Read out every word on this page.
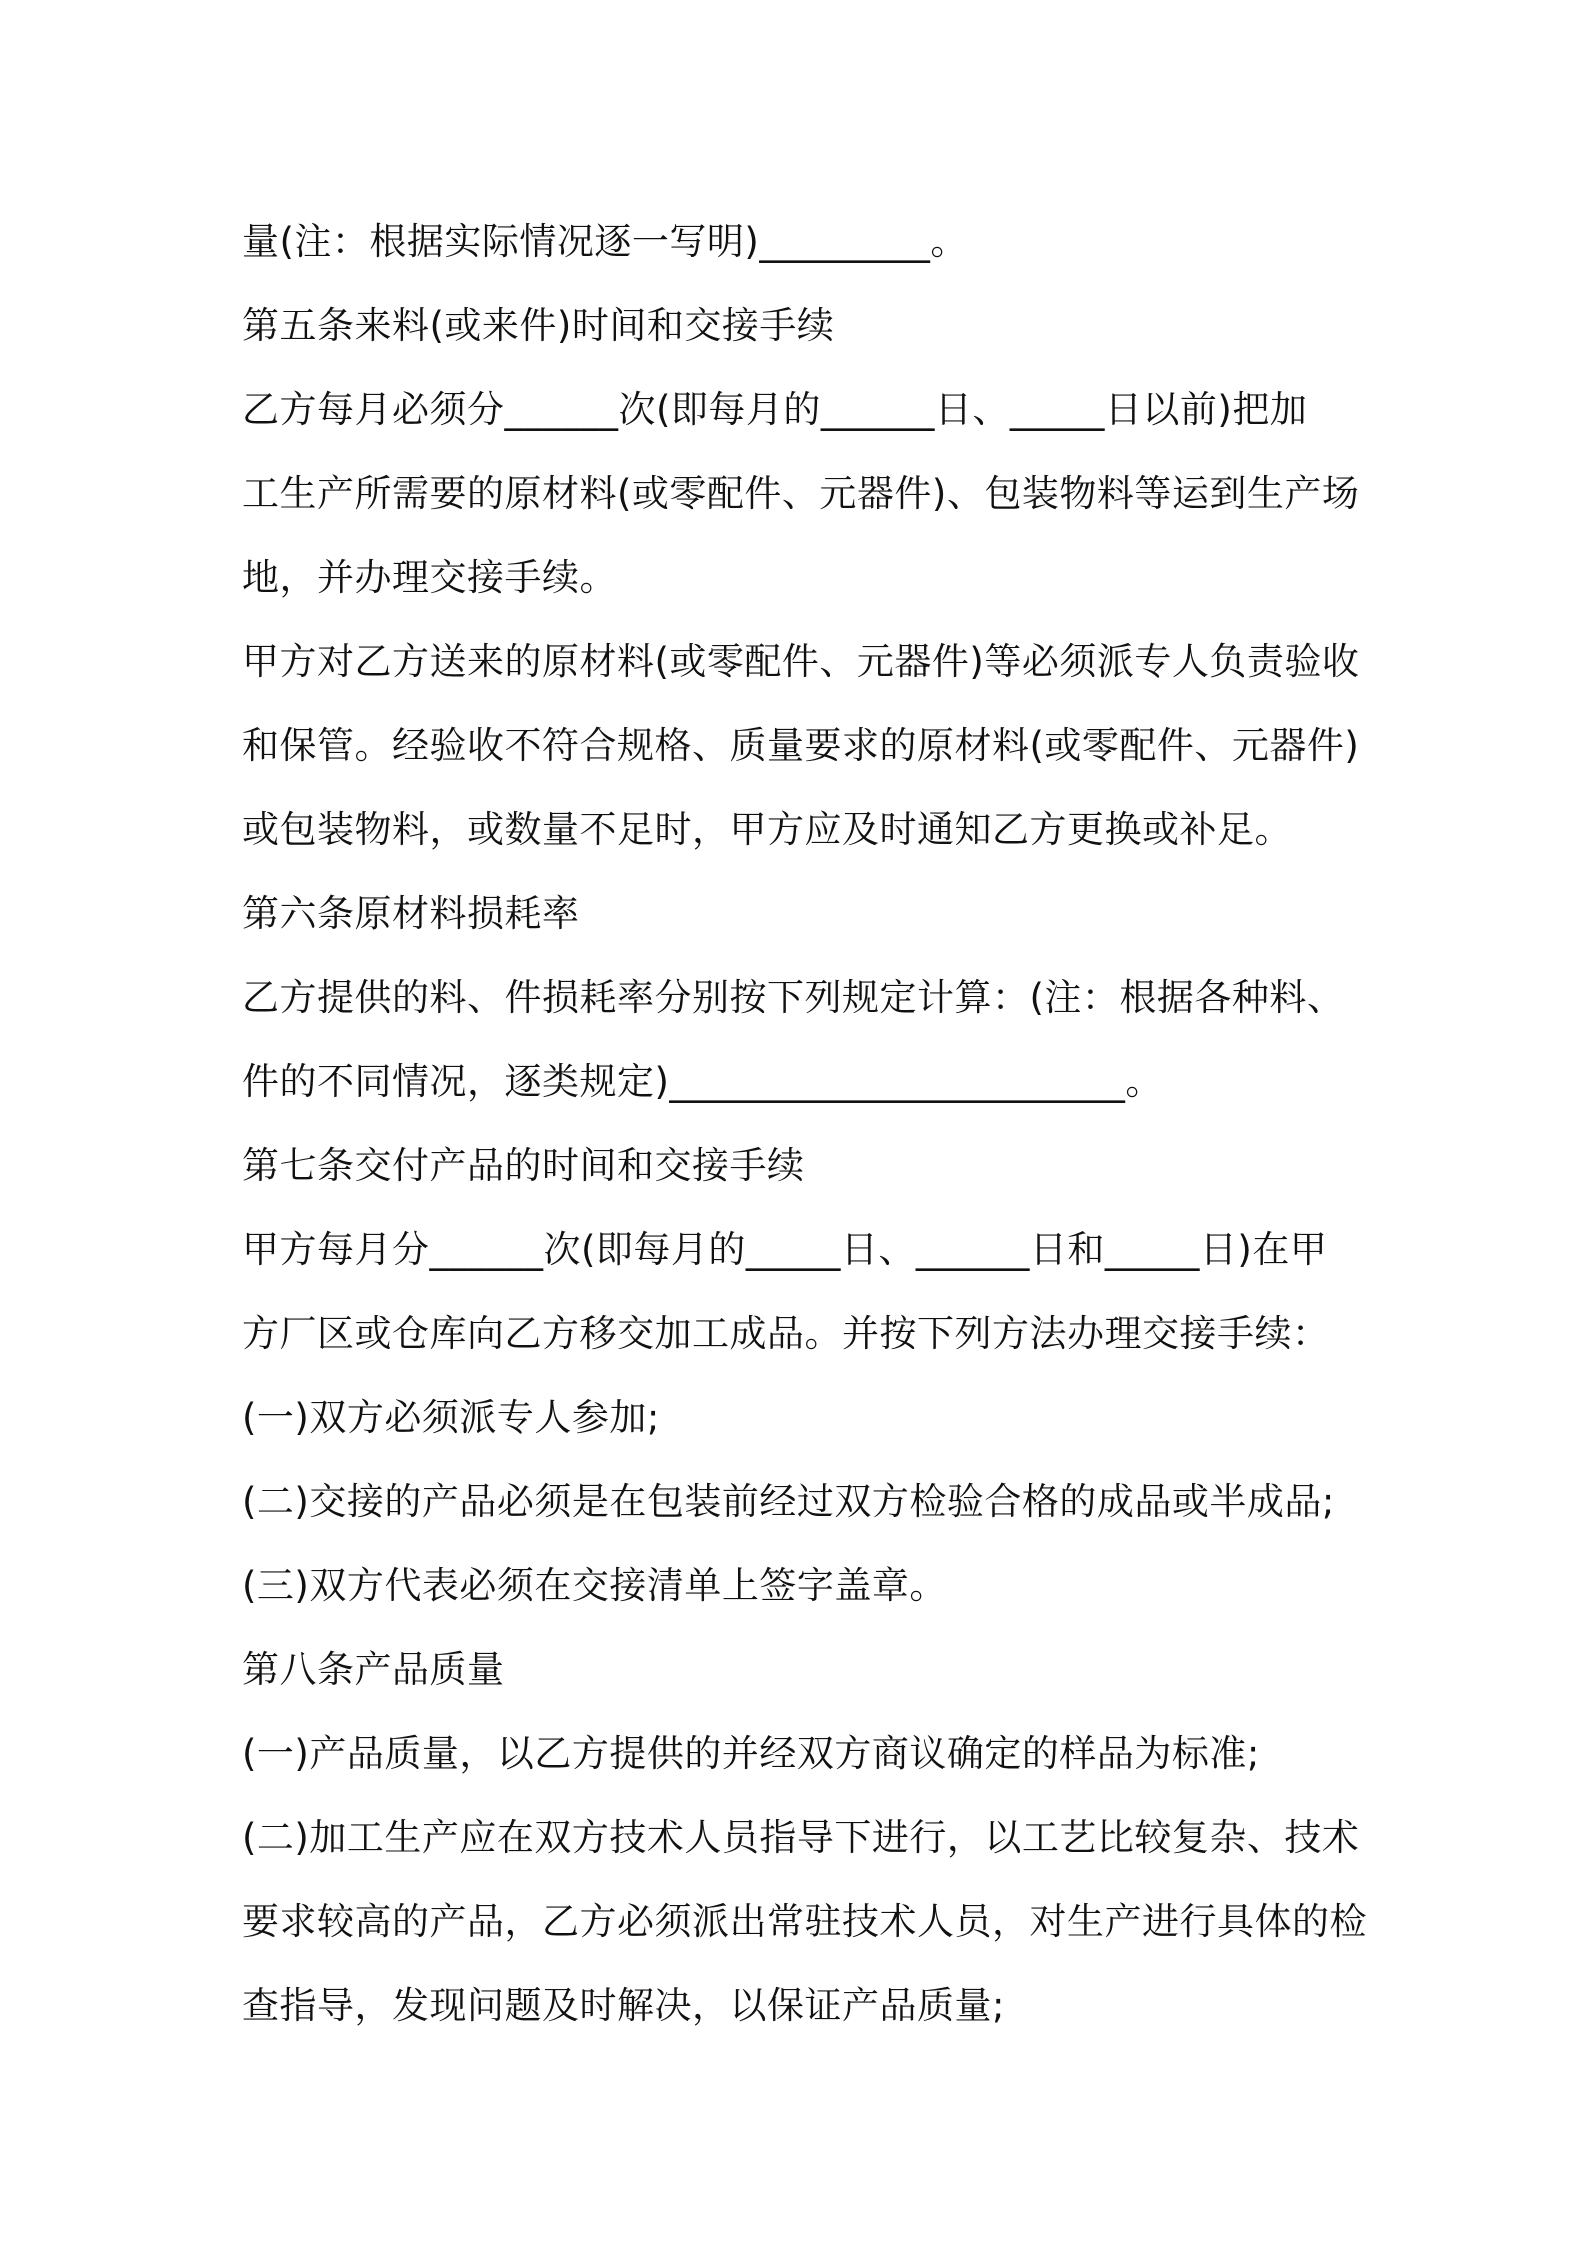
量(注：根据实际情况逐一写明)_________。
第五条来料(或来件)时间和交接手续
乙方每月必须分______次(即每月的______日、_____日以前)把加
工生产所需要的原材料(或零配件、元器件)、包装物料等运到生产场
地，并办理交接手续。
甲方对乙方送来的原材料(或零配件、元器件)等必须派专人负责验收
和保管。经验收不符合规格、质量要求的原材料(或零配件、元器件)
或包装物料，或数量不足时，甲方应及时通知乙方更换或补足。
第六条原材料损耗率
乙方提供的料、件损耗率分别按下列规定计算：(注：根据各种料、
件的不同情况，逐类规定)________________________。
第七条交付产品的时间和交接手续
甲方每月分______次(即每月的_____日、______日和_____日)在甲
方厂区或仓库向乙方移交加工成品。并按下列方法办理交接手续：
(一)双方必须派专人参加;
(二)交接的产品必须是在包装前经过双方检验合格的成品或半成品;
(三)双方代表必须在交接清单上签字盖章。
第八条产品质量
(一)产品质量，以乙方提供的并经双方商议确定的样品为标准;
(二)加工生产应在双方技术人员指导下进行，以工艺比较复杂、技术
要求较高的产品，乙方必须派出常驻技术人员，对生产进行具体的检
查指导，发现问题及时解决，以保证产品质量;
